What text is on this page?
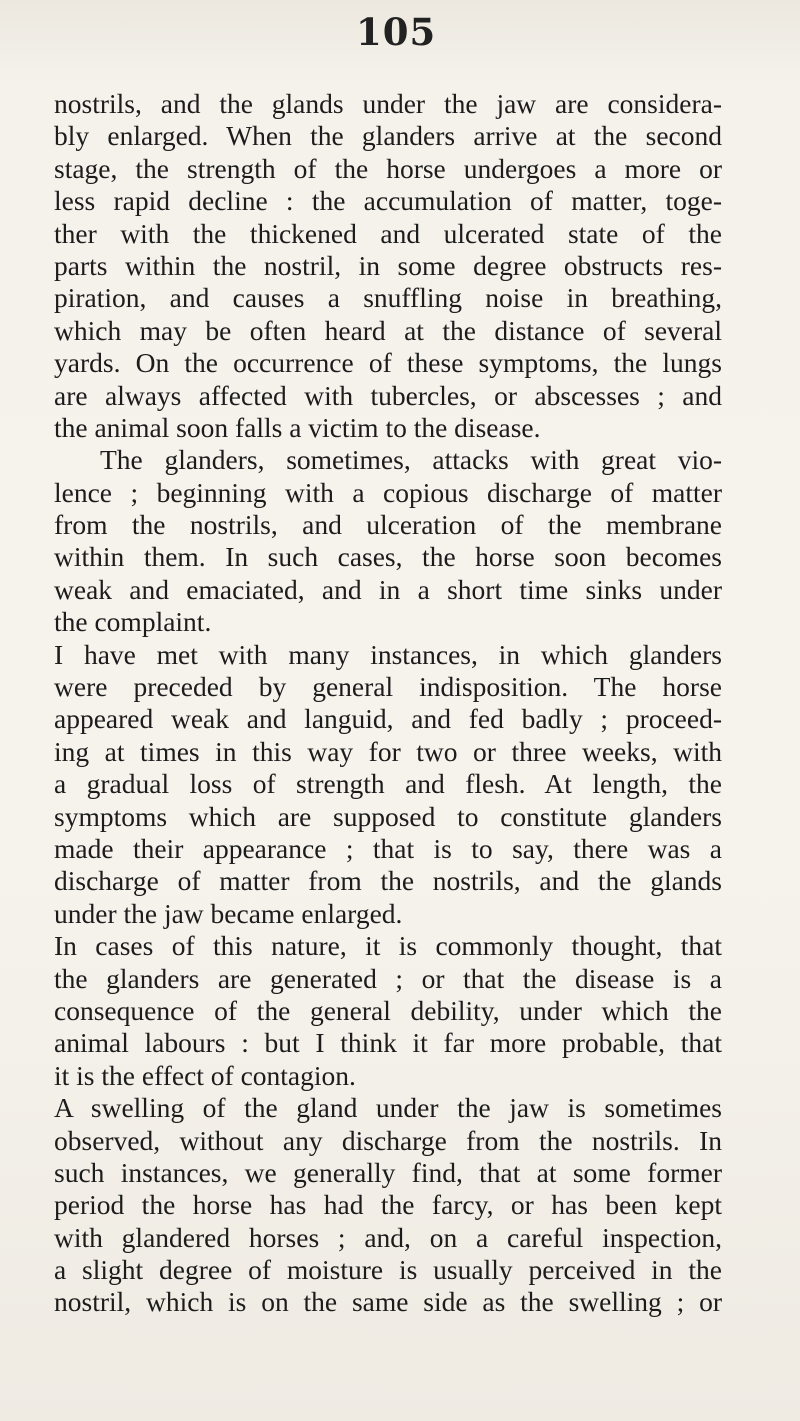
105
nostrils, and the glands under the jaw are considera-
bly enlarged. When the glanders arrive at the second
stage, the strength of the horse undergoes a more or
less rapid decline : the accumulation of matter, toge-
ther with the thickened and ulcerated state of the
parts within the nostril, in some degree obstructs res-
piration, and causes a snuffling noise in breathing,
which may be often heard at the distance of several
yards. On the occurrence of these symptoms, the lungs
are always affected with tubercles, or abscesses ; and
the animal soon falls a victim to the disease.
The glanders, sometimes, attacks with great vio-
lence ; beginning with a copious discharge of matter
from the nostrils, and ulceration of the membrane
within them. In such cases, the horse soon becomes
weak and emaciated, and in a short time sinks under
the complaint.
I have met with many instances, in which glanders
were preceded by general indisposition. The horse
appeared weak and languid, and fed badly ; proceed-
ing at times in this way for two or three weeks, with
a gradual loss of strength and flesh. At length, the
symptoms which are supposed to constitute glanders
made their appearance ; that is to say, there was a
discharge of matter from the nostrils, and the glands
under the jaw became enlarged.
In cases of this nature, it is commonly thought, that
the glanders are generated ; or that the disease is a
consequence of the general debility, under which the
animal labours : but I think it far more probable, that
it is the effect of contagion.
A swelling of the gland under the jaw is sometimes
observed, without any discharge from the nostrils. In
such instances, we generally find, that at some former
period the horse has had the farcy, or has been kept
with glandered horses ; and, on a careful inspection,
a slight degree of moisture is usually perceived in the
nostril, which is on the same side as the swelling ; or
